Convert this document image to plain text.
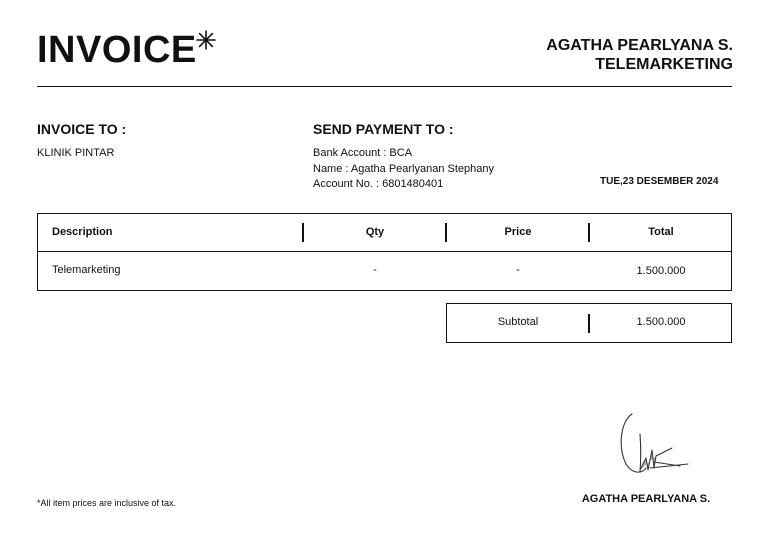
INVOICE	AGATHA PEARLYANA S.
TELEMARKETING
INVOICE TO :
KLINIK PINTAR
SEND PAYMENT TO :
Bank Account : BCA
Name : Agatha Pearlyanan Stephany
Account No. : 6801480401	TUE,23 DESEMBER 2024
Description	Qty	Price	Total
Telemarketing	-	-	1.500.000
Subtotal	1.500.000
*All item prices are inclusive of tax.	AGATHA PEARLYANA S.
